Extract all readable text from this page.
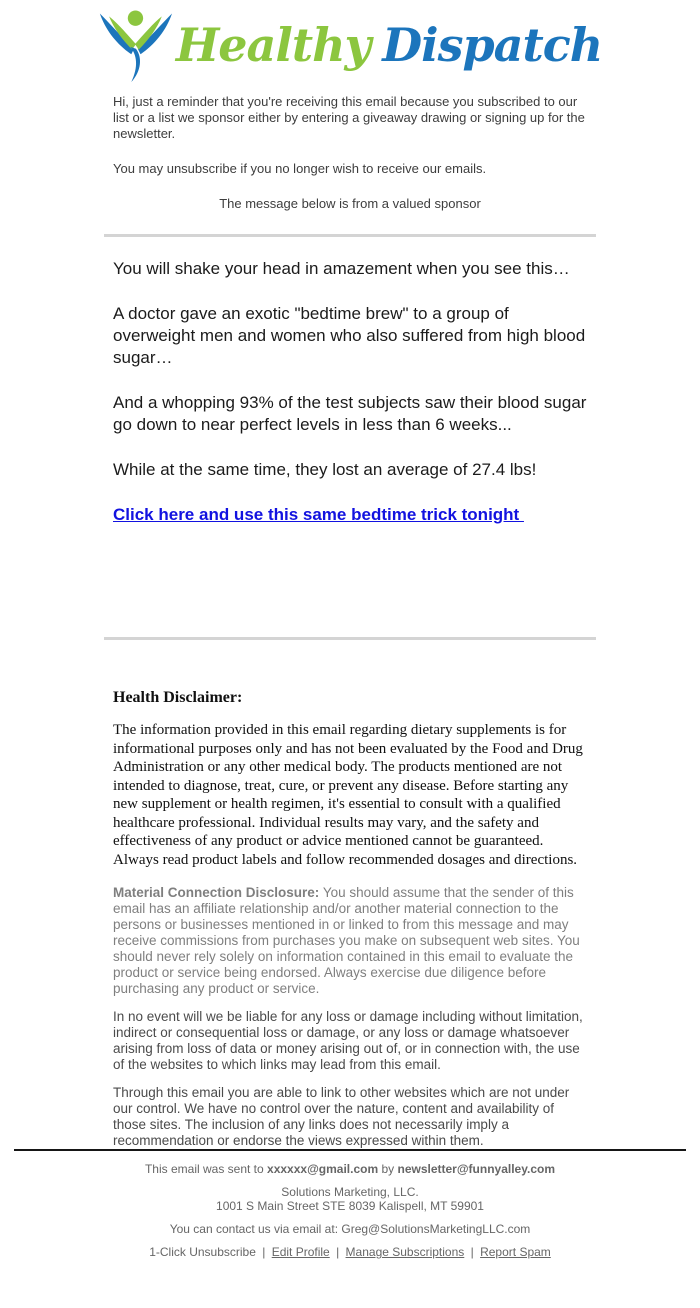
Healthy Dispatch

Hi, just a reminder that you're receiving this email because you subscribed to our list or a list we sponsor either by entering a giveaway drawing or signing up for the newsletter.

You may unsubscribe if you no longer wish to receive our emails.

The message below is from a valued sponsor

You will shake your head in amazement when you see this…

A doctor gave an exotic "bedtime brew" to a group of overweight men and women who also suffered from high blood sugar…

And a whopping 93% of the test subjects saw their blood sugar go down to near perfect levels in less than 6 weeks...

While at the same time, they lost an average of 27.4 lbs!

Click here and use this same bedtime trick tonight

Health Disclaimer:

The information provided in this email regarding dietary supplements is for informational purposes only and has not been evaluated by the Food and Drug Administration or any other medical body. The products mentioned are not intended to diagnose, treat, cure, or prevent any disease. Before starting any new supplement or health regimen, it's essential to consult with a qualified healthcare professional. Individual results may vary, and the safety and effectiveness of any product or advice mentioned cannot be guaranteed. Always read product labels and follow recommended dosages and directions.

Material Connection Disclosure: You should assume that the sender of this email has an affiliate relationship and/or another material connection to the persons or businesses mentioned in or linked to from this message and may receive commissions from purchases you make on subsequent web sites. You should never rely solely on information contained in this email to evaluate the product or service being endorsed. Always exercise due diligence before purchasing any product or service.

In no event will we be liable for any loss or damage including without limitation, indirect or consequential loss or damage, or any loss or damage whatsoever arising from loss of data or money arising out of, or in connection with, the use of the websites to which links may lead from this email.

Through this email you are able to link to other websites which are not under our control. We have no control over the nature, content and availability of those sites. The inclusion of any links does not necessarily imply a recommendation or endorse the views expressed within them.

This email was sent to xxxxxx@gmail.com by newsletter@funnyalley.com
Solutions Marketing, LLC.
1001 S Main Street STE 8039 Kalispell, MT 59901
You can contact us via email at: Greg@SolutionsMarketingLLC.com
1-Click Unsubscribe | Edit Profile | Manage Subscriptions | Report Spam
